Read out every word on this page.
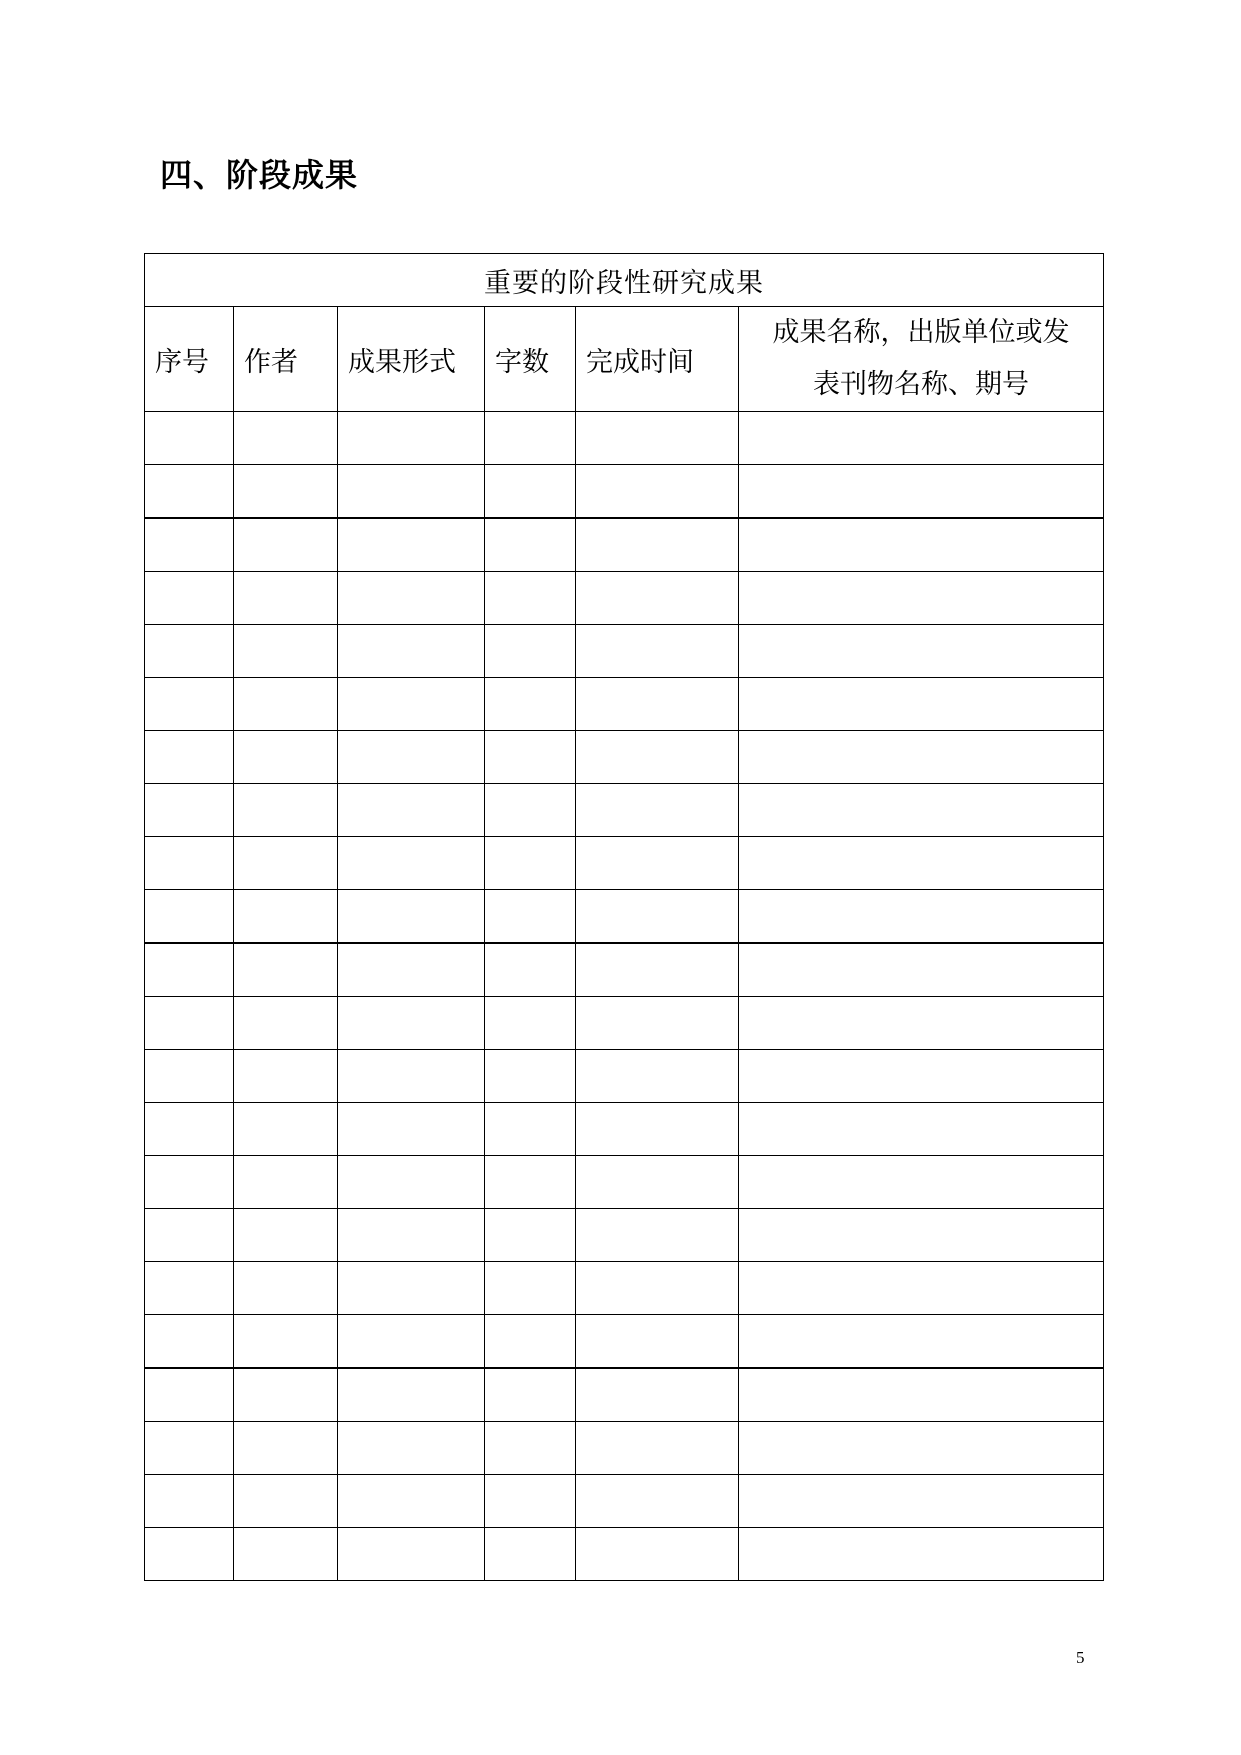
四、阶段成果
重要的阶段性研究成果					
序号	作者	成果形式	字数	完成时间	成果名称，出版单位或发
表刊物名称、期号

5
